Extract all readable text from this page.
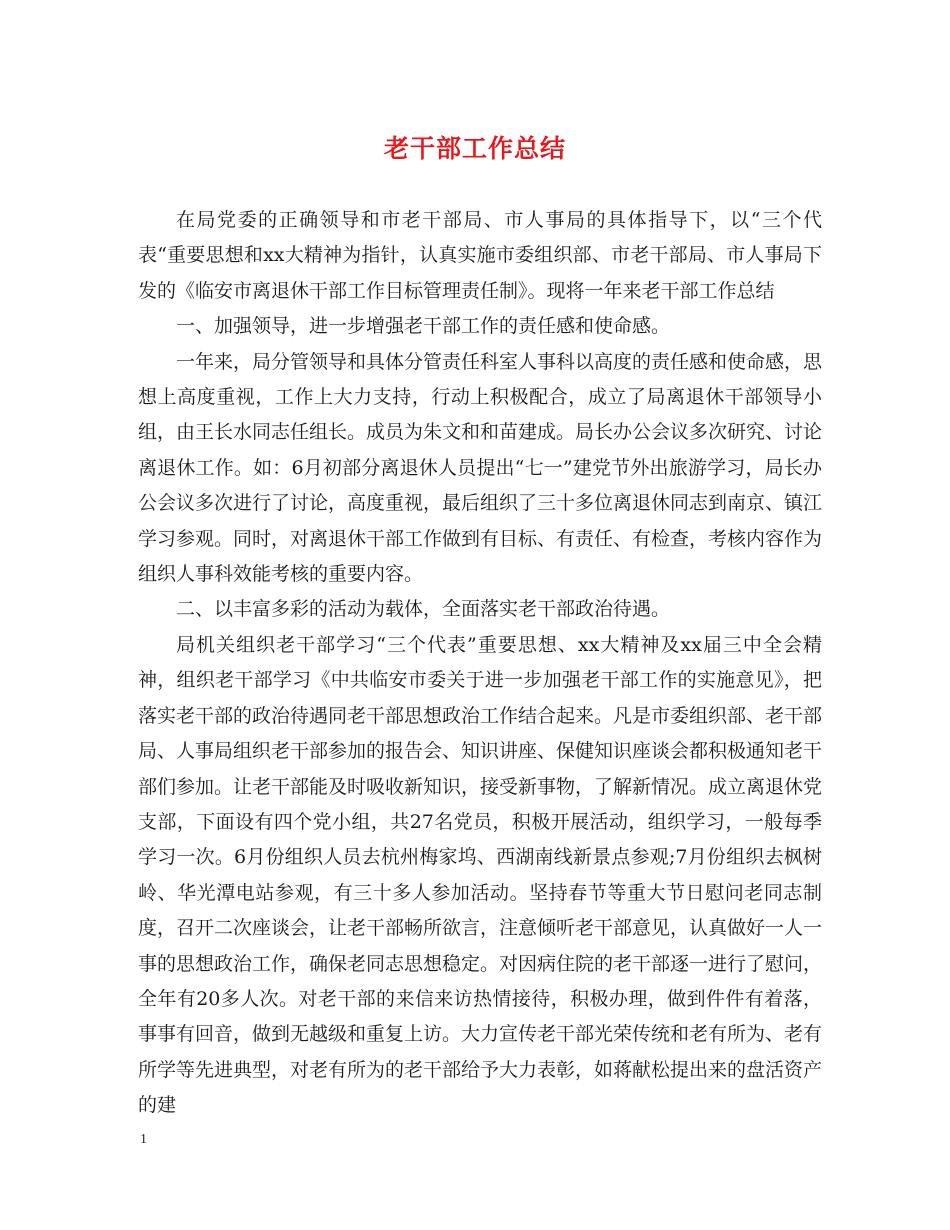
老干部工作总结

在局党委的正确领导和市老干部局、市人事局的具体指导下，以“三个代表“重要思想和xx大精神为指针，认真实施市委组织部、市老干部局、市人事局下发的《临安市离退休干部工作目标管理责任制》。现将一年来老干部工作总结

一、加强领导，进一步增强老干部工作的责任感和使命感。

一年来，局分管领导和具体分管责任科室人事科以高度的责任感和使命感，思想上高度重视，工作上大力支持，行动上积极配合，成立了局离退休干部领导小组，由王长水同志任组长。成员为朱文和和苗建成。局长办公会议多次研究、讨论离退休工作。如：6月初部分离退休人员提出“七一”建党节外出旅游学习，局长办公会议多次进行了讨论，高度重视，最后组织了三十多位离退休同志到南京、镇江学习参观。同时，对离退休干部工作做到有目标、有责任、有检查，考核内容作为组织人事科效能考核的重要内容。

二、以丰富多彩的活动为载体，全面落实老干部政治待遇。

局机关组织老干部学习“三个代表”重要思想、xx大精神及xx届三中全会精神，组织老干部学习《中共临安市委关于进一步加强老干部工作的实施意见》，把落实老干部的政治待遇同老干部思想政治工作结合起来。凡是市委组织部、老干部局、人事局组织老干部参加的报告会、知识讲座、保健知识座谈会都积极通知老干部们参加。让老干部能及时吸收新知识，接受新事物，了解新情况。成立离退休党支部，下面设有四个党小组，共27名党员，积极开展活动，组织学习，一般每季学习一次。6月份组织人员去杭州梅家坞、西湖南线新景点参观;7月份组织去枫树岭、华光潭电站参观，有三十多人参加活动。坚持春节等重大节日慰问老同志制度，召开二次座谈会，让老干部畅所欲言，注意倾听老干部意见，认真做好一人一事的思想政治工作，确保老同志思想稳定。对因病住院的老干部逐一进行了慰问，全年有20多人次。对老干部的来信来访热情接待，积极办理，做到件件有着落，事事有回音，做到无越级和重复上访。大力宣传老干部光荣传统和老有所为、老有所学等先进典型，对老有所为的老干部给予大力表彰，如蒋献松提出来的盘活资产的建

1
